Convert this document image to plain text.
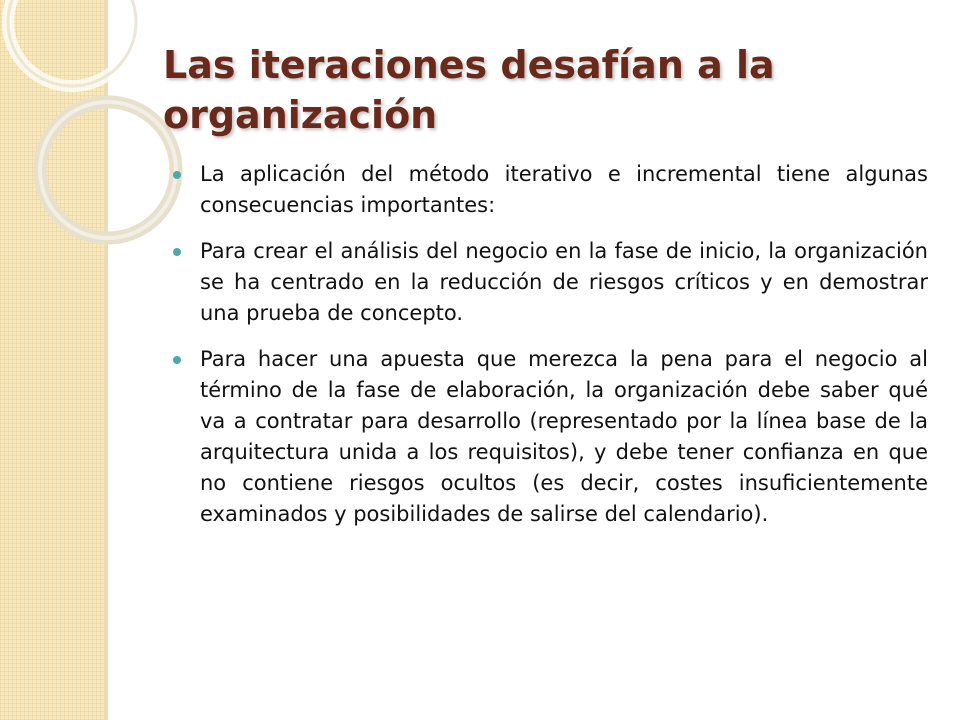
Las iteraciones desafían a la organización
La aplicación del método iterativo e incremental tiene algunas consecuencias importantes:
Para crear el análisis del negocio en la fase de inicio, la organización se ha centrado en la reducción de riesgos críticos y en demostrar una prueba de concepto.
Para hacer una apuesta que merezca la pena para el negocio al término de la fase de elaboración, la organización debe saber qué va a contratar para desarrollo (representado por la línea base de la arquitectura unida a los requisitos), y debe tener confianza en que no contiene riesgos ocultos (es decir, costes insuficientemente examinados y posibilidades de salirse del calendario).
